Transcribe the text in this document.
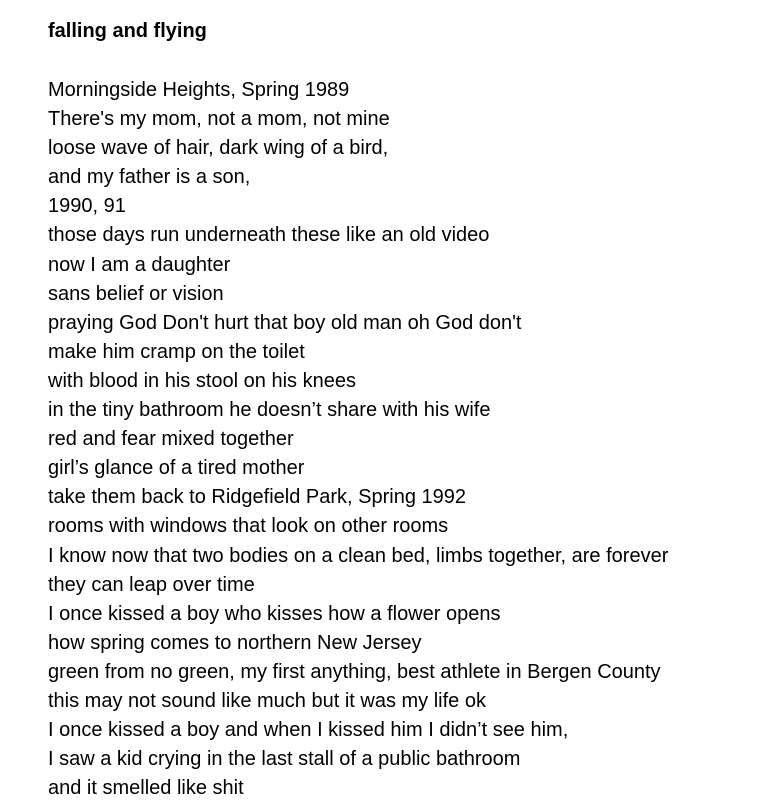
falling and flying
Morningside Heights, Spring 1989
There's my mom, not a mom, not mine
loose wave of hair, dark wing of a bird,
and my father is a son,
1990, 91
those days run underneath these like an old video
now I am a daughter
sans belief or vision
praying God Don't hurt that boy old man oh God don't
make him cramp on the toilet
with blood in his stool on his knees
in the tiny bathroom he doesn’t share with his wife
red and fear mixed together
girl’s glance of a tired mother
take them back to Ridgefield Park, Spring 1992
rooms with windows that look on other rooms
I know now that two bodies on a clean bed, limbs together, are forever
they can leap over time
I once kissed a boy who kisses how a flower opens
how spring comes to northern New Jersey
green from no green, my first anything, best athlete in Bergen County
this may not sound like much but it was my life ok
I once kissed a boy and when I kissed him I didn’t see him,
I saw a kid crying in the last stall of a public bathroom
and it smelled like shit
